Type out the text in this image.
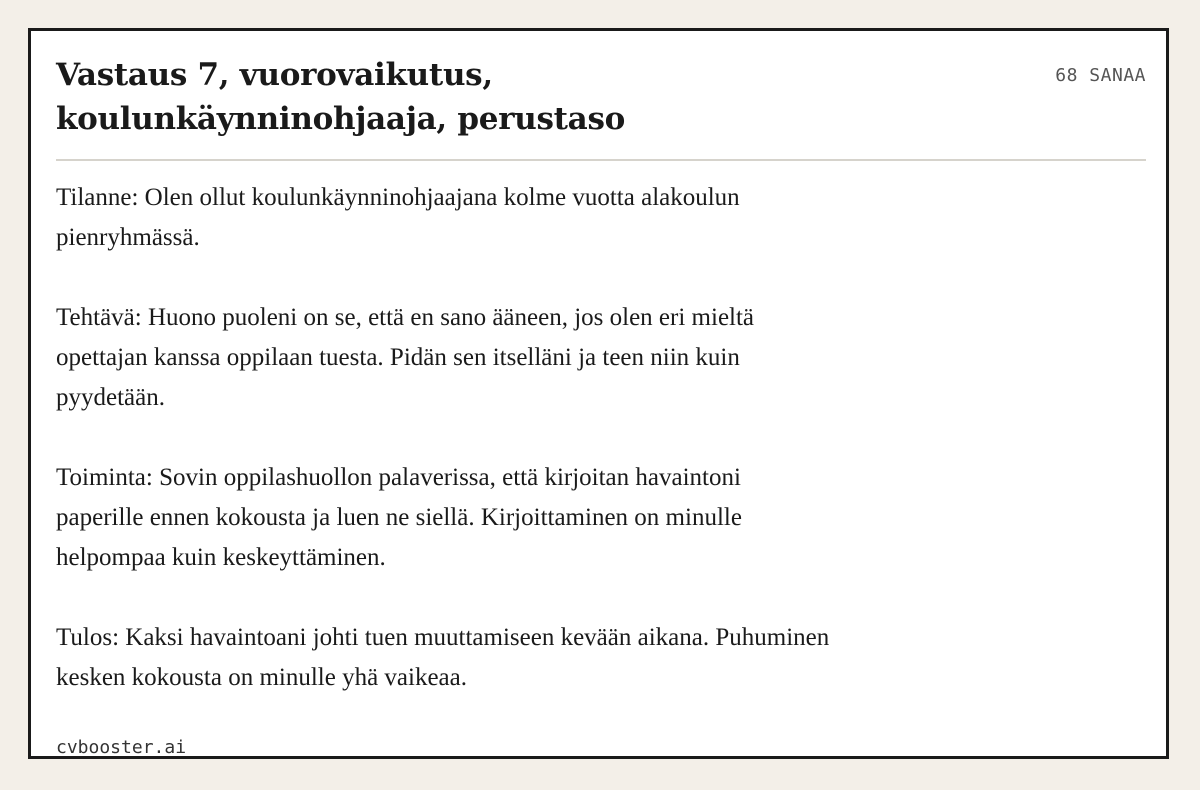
Vastaus 7, vuorovaikutus,
koulunkäynninohjaaja, perustaso
68 SANAA

Tilanne: Olen ollut koulunkäynninohjaajana kolme vuotta alakoulun
pienryhmässä.

Tehtävä: Huono puoleni on se, että en sano ääneen, jos olen eri mieltä
opettajan kanssa oppilaan tuesta. Pidän sen itselläni ja teen niin kuin
pyydetään.

Toiminta: Sovin oppilashuollon palaverissa, että kirjoitan havaintoni
paperille ennen kokousta ja luen ne siellä. Kirjoittaminen on minulle
helpompaa kuin keskeyttäminen.

Tulos: Kaksi havaintoani johti tuen muuttamiseen kevään aikana. Puhuminen
kesken kokousta on minulle yhä vaikeaa.

cvbooster.ai
